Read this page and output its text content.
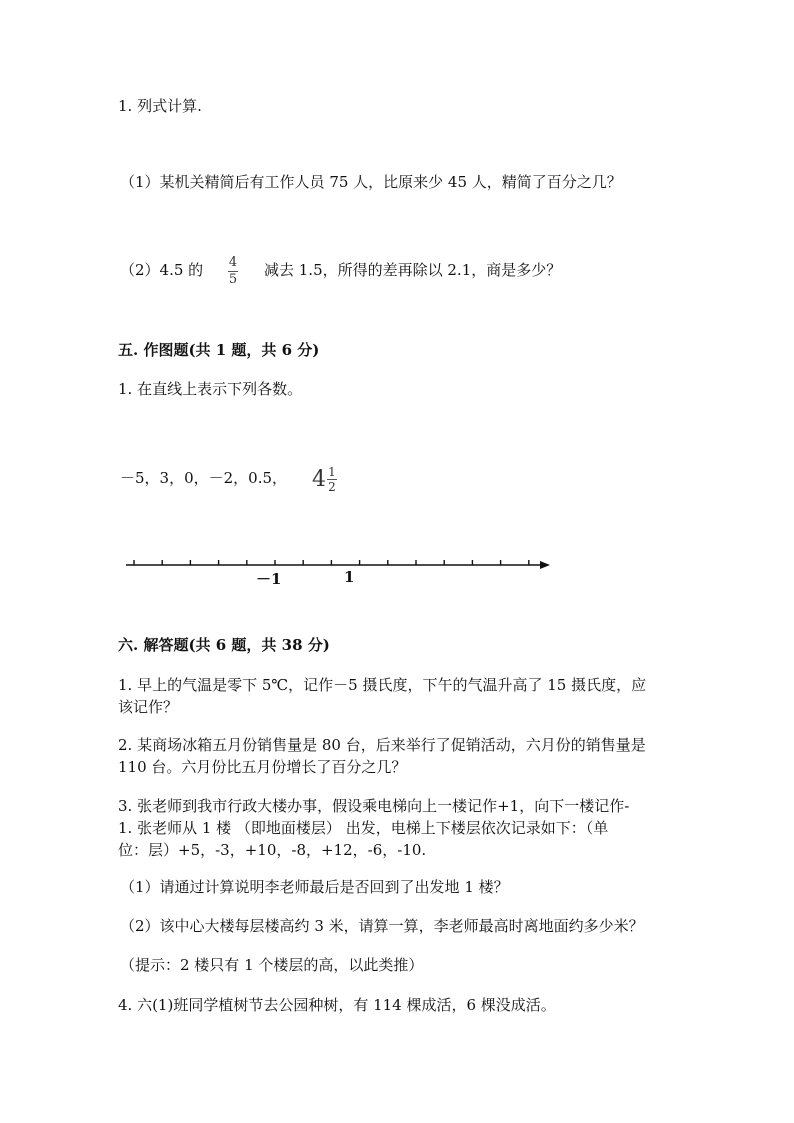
1. 列式计算.
（1）某机关精简后有工作人员 75 人，比原来少 45 人，精简了百分之几？
（2）4.5 的 4
5
减去 1.5，所得的差再除以 2.1，商是多少？
五. 作图题(共 1 题，共 6 分)
1. 在直线上表示下列各数。
－5，3，0，－2，0.5， $4 \frac{1}{2}$
－1	1
六. 解答题(共 6 题，共 38 分)
1. 早上的气温是零下 5℃，记作－5 摄氏度，下午的气温升高了 15 摄氏度，应
该记作？
2. 某商场冰箱五月份销售量是 80 台，后来举行了促销活动，六月份的销售量是
110 台。六月份比五月份增长了百分之几？
3. 张老师到我市行政大楼办事，假设乘电梯向上一楼记作+1，向下一楼记作-
1. 张老师从 1 楼 （即地面楼层） 出发，电梯上下楼层依次记录如下：（单
位：层）+5，-3，+10，-8，+12，-6，-10.
（1）请通过计算说明李老师最后是否回到了出发地 1 楼？
（2）该中心大楼每层楼高约 3 米，请算一算，李老师最高时离地面约多少米？
（提示：2 楼只有 1 个楼层的高，以此类推）
4. 六(1)班同学植树节去公园种树，有 114 棵成活，6 棵没成活。
